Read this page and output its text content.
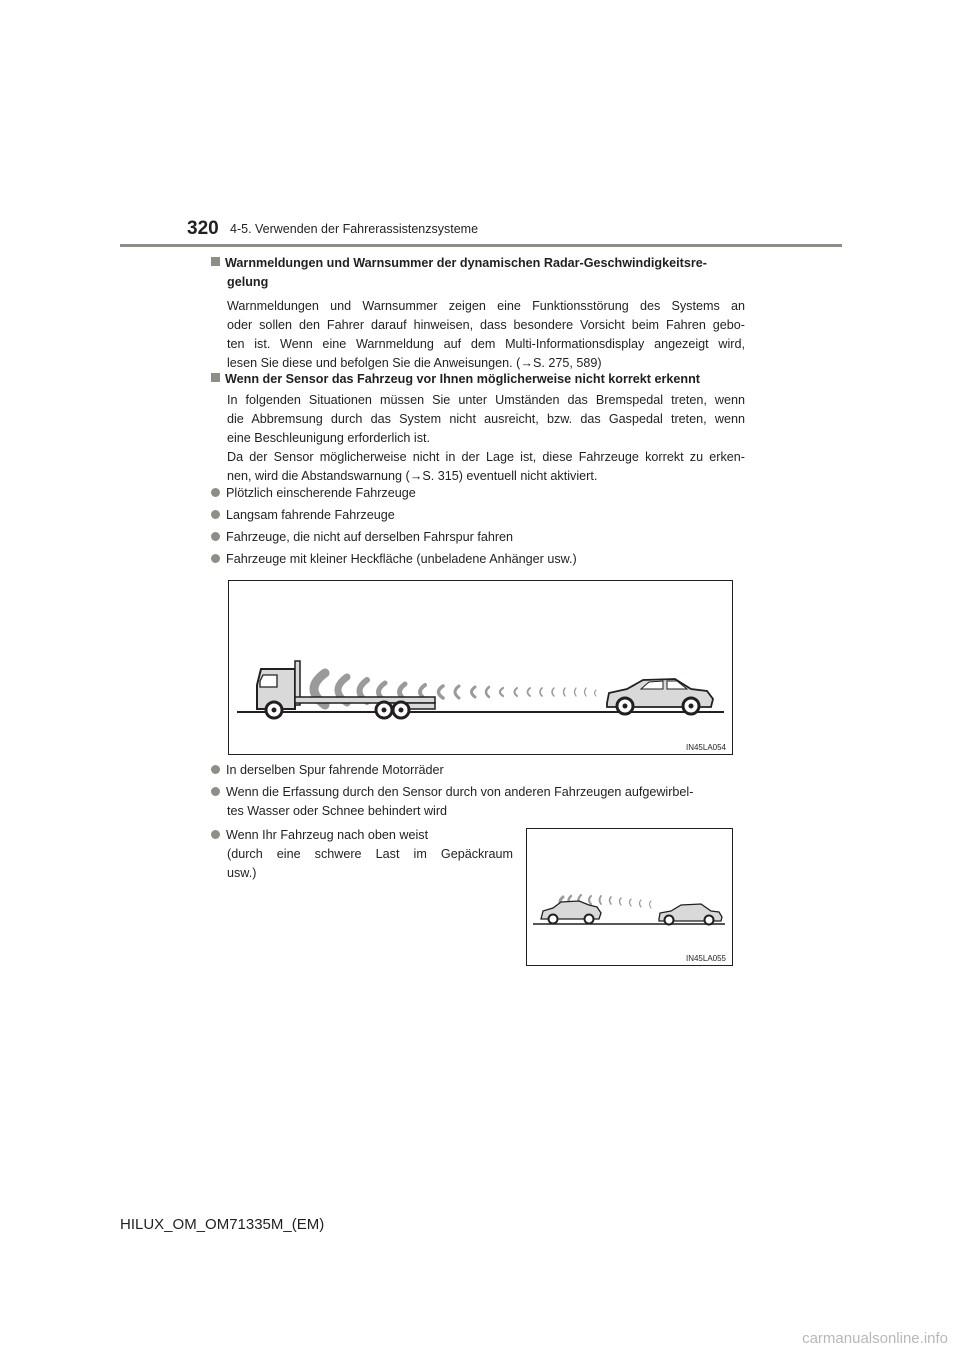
320 4-5. Verwenden der Fahrerassistenzsysteme
Warnmeldungen und Warnsummer der dynamischen Radar-Geschwindigkeitsre-
gelung
Warnmeldungen und Warnsummer zeigen eine Funktionsstörung des Systems an
oder sollen den Fahrer darauf hinweisen, dass besondere Vorsicht beim Fahren gebo-
ten ist. Wenn eine Warnmeldung auf dem Multi-Informationsdisplay angezeigt wird,
lesen Sie diese und befolgen Sie die Anweisungen. (→S. 275, 589)
Wenn der Sensor das Fahrzeug vor Ihnen möglicherweise nicht korrekt erkennt
In folgenden Situationen müssen Sie unter Umständen das Bremspedal treten, wenn
die Abbremsung durch das System nicht ausreicht, bzw. das Gaspedal treten, wenn
eine Beschleunigung erforderlich ist.
Da der Sensor möglicherweise nicht in der Lage ist, diese Fahrzeuge korrekt zu erken-
nen, wird die Abstandswarnung (→S. 315) eventuell nicht aktiviert.
Plötzlich einscherende Fahrzeuge
Langsam fahrende Fahrzeuge
Fahrzeuge, die nicht auf derselben Fahrspur fahren
Fahrzeuge mit kleiner Heckfläche (unbeladene Anhänger usw.)
IN45LA054
In derselben Spur fahrende Motorräder
Wenn die Erfassung durch den Sensor durch von anderen Fahrzeugen aufgewirbel-
tes Wasser oder Schnee behindert wird
Wenn Ihr Fahrzeug nach oben weist
(durch eine schwere Last im Gepäckraum
usw.)
IN45LA055
HILUX_OM_OM71335M_(EM)
carmanualsonline.info
